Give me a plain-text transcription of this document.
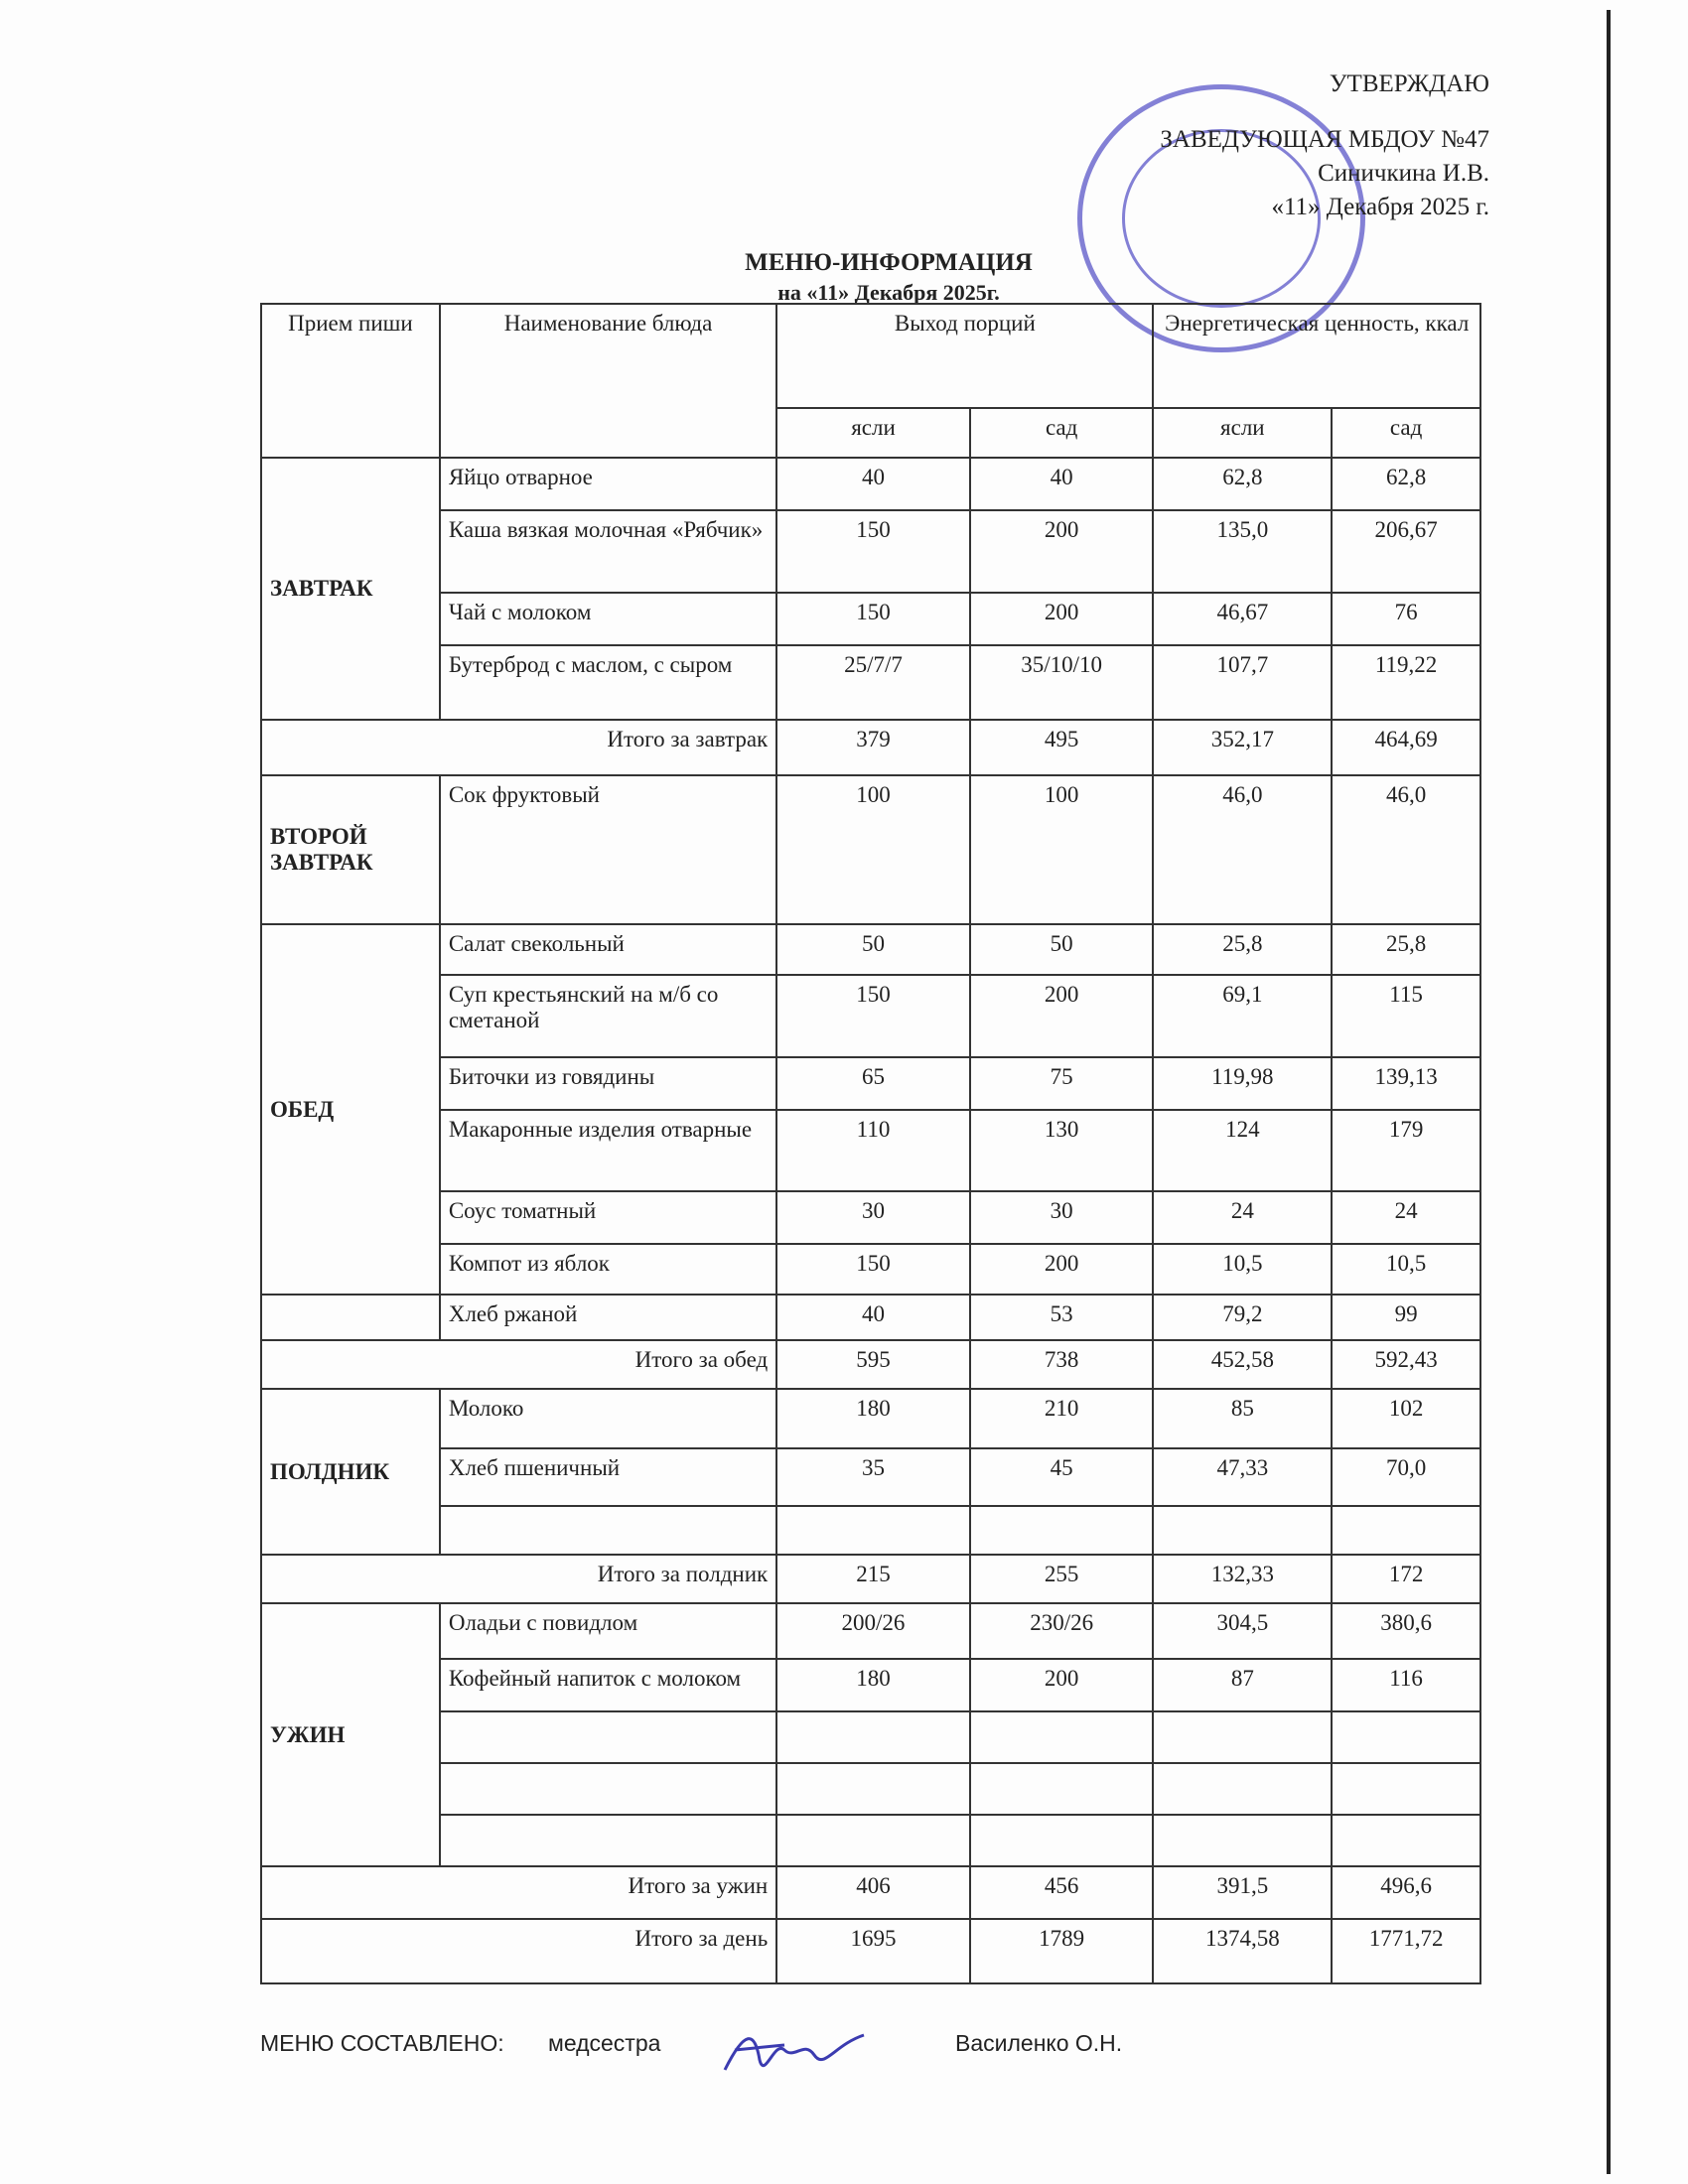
УТВЕРЖДАЮ
ЗАВЕДУЮЩАЯ МБДОУ №47
Синичкина И.В.
«11» Декабря 2025 г.
МЕНЮ-ИНФОРМАЦИЯ
на «11» Декабря 2025г.
Прием пиши	Наименование блюда	Выход порций		Энергетическая ценность, ккал	
		ясли	сад	ясли	сад
ЗАВТРАК	Яйцо отварное	40	40	62,8	62,8
	Каша вязкая молочная «Рябчик»	150	200	135,0	206,67
	Чай с молоком	150	200	46,67	76
	Бутерброд с маслом, с сыром	25/7/7	35/10/10	107,7	119,22
Итого за завтрак		379	495	352,17	464,69
ВТОРОЙ ЗАВТРАК	Сок фруктовый	100	100	46,0	46,0
ОБЕД	Салат свекольный	50	50	25,8	25,8
	Суп крестьянский на м/б со сметаной	150	200	69,1	115
	Биточки из говядины	65	75	119,98	139,13
	Макаронные изделия отварные	110	130	124	179
	Соус томатный	30	30	24	24
	Компот из яблок	150	200	10,5	10,5
	Хлеб ржаной	40	53	79,2	99
Итого за обед		595	738	452,58	592,43
ПОЛДНИК	Молоко	180	210	85	102
	Хлеб пшеничный	35	45	47,33	70,0

Итого за полдник		215	255	132,33	172
УЖИН	Оладьи с повидлом	200/26	230/26	304,5	380,6
	Кофейный напиток с молоком	180	200	87	116

Итого за ужин		406	456	391,5	496,6
Итого за день		1695	1789	1374,58	1771,72
МЕНЮ СОСТАВЛЕНО: медсестра	Василенко О.Н.
